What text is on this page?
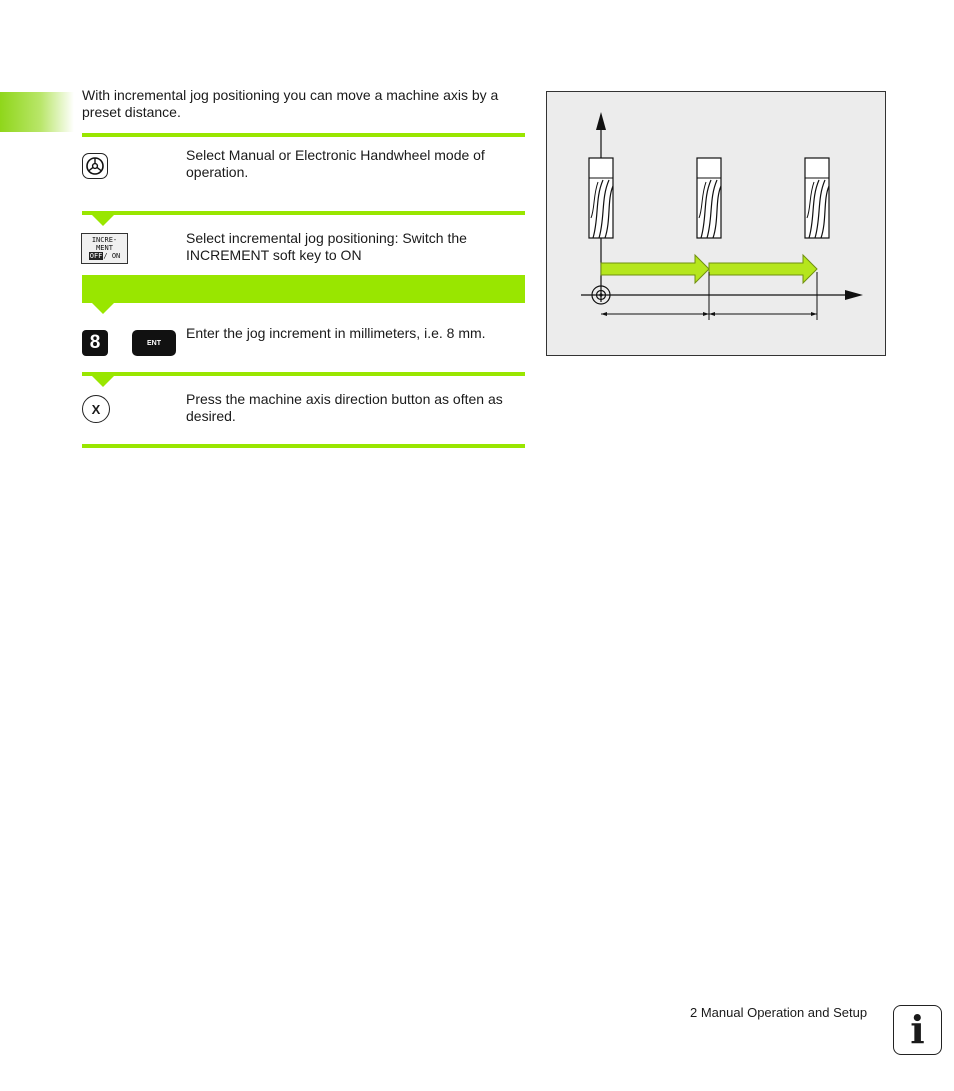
With incremental jog positioning you can move a machine axis by a preset distance.
Select Manual or Electronic Handwheel mode of operation.
INCRE-
MENT
OFF/ ON
Select incremental jog positioning: Switch the INCREMENT soft key to ON
8	ENT
Enter the jog increment in millimeters, i.e. 8 mm.
X
Press the machine axis direction button as often as desired.
2 Manual Operation and Setup i
